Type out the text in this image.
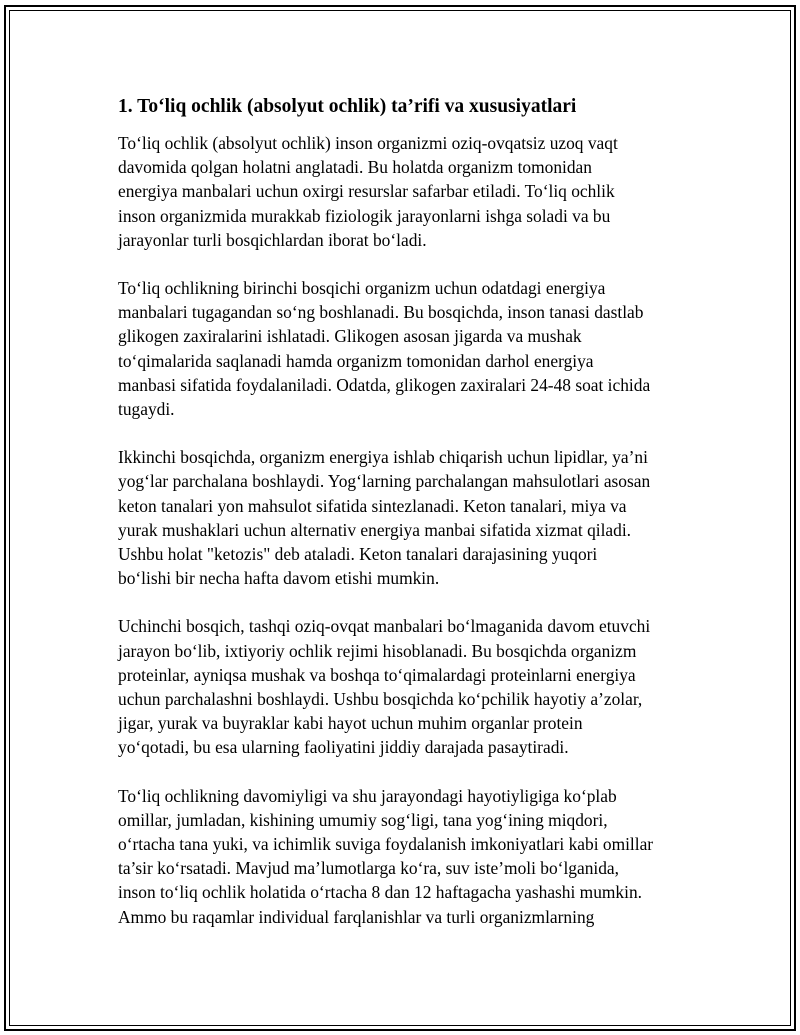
1. To‘liq ochlik (absolyut ochlik) ta’rifi va xususiyatlari

To‘liq ochlik (absolyut ochlik) inson organizmi oziq-ovqatsiz uzoq vaqt
davomida qolgan holatni anglatadi. Bu holatda organizm tomonidan
energiya manbalari uchun oxirgi resurslar safarbar etiladi. To‘liq ochlik
inson organizmida murakkab fiziologik jarayonlarni ishga soladi va bu
jarayonlar turli bosqichlardan iborat bo‘ladi.

To‘liq ochlikning birinchi bosqichi organizm uchun odatdagi energiya
manbalari tugagandan so‘ng boshlanadi. Bu bosqichda, inson tanasi dastlab
glikogen zaxiralarini ishlatadi. Glikogen asosan jigarda va mushak
to‘qimalarida saqlanadi hamda organizm tomonidan darhol energiya
manbasi sifatida foydalaniladi. Odatda, glikogen zaxiralari 24-48 soat ichida
tugaydi.

Ikkinchi bosqichda, organizm energiya ishlab chiqarish uchun lipidlar, ya’ni
yog‘lar parchalana boshlaydi. Yog‘larning parchalangan mahsulotlari asosan
keton tanalari yon mahsulot sifatida sintezlanadi. Keton tanalari, miya va
yurak mushaklari uchun alternativ energiya manbai sifatida xizmat qiladi.
Ushbu holat "ketozis" deb ataladi. Keton tanalari darajasining yuqori
bo‘lishi bir necha hafta davom etishi mumkin.

Uchinchi bosqich, tashqi oziq-ovqat manbalari bo‘lmaganida davom etuvchi
jarayon bo‘lib, ixtiyoriy ochlik rejimi hisoblanadi. Bu bosqichda organizm
proteinlar, ayniqsa mushak va boshqa to‘qimalardagi proteinlarni energiya
uchun parchalashni boshlaydi. Ushbu bosqichda ko‘pchilik hayotiy a’zolar,
jigar, yurak va buyraklar kabi hayot uchun muhim organlar protein
yo‘qotadi, bu esa ularning faoliyatini jiddiy darajada pasaytiradi.

To‘liq ochlikning davomiyligi va shu jarayondagi hayotiyligiga ko‘plab
omillar, jumladan, kishining umumiy sog‘ligi, tana yog‘ining miqdori,
o‘rtacha tana yuki, va ichimlik suviga foydalanish imkoniyatlari kabi omillar
ta’sir ko‘rsatadi. Mavjud ma’lumotlarga ko‘ra, suv iste’moli bo‘lganida,
inson to‘liq ochlik holatida o‘rtacha 8 dan 12 haftagacha yashashi mumkin.
Ammo bu raqamlar individual farqlanishlar va turli organizmlarning
